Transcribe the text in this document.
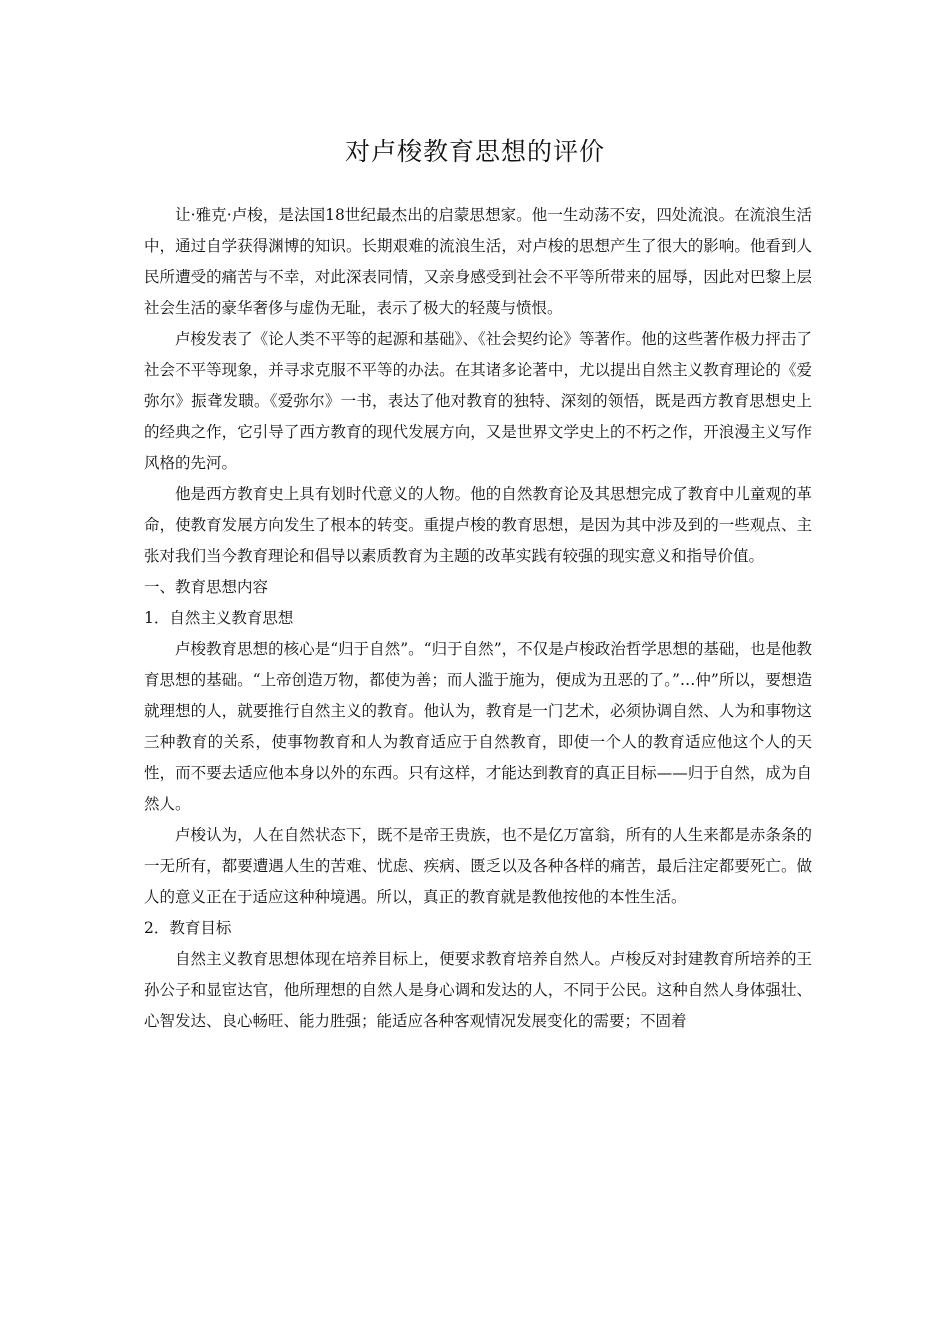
对卢梭教育思想的评价

让·雅克·卢梭，是法国18世纪最杰出的启蒙思想家。他一生动荡不安，四处流浪。在流浪生活中，通过自学获得渊博的知识。长期艰难的流浪生活，对卢梭的思想产生了很大的影响。他看到人民所遭受的痛苦与不幸，对此深表同情，又亲身感受到社会不平等所带来的屈辱，因此对巴黎上层社会生活的豪华奢侈与虚伪无耻，表示了极大的轻蔑与愤恨。

卢梭发表了《论人类不平等的起源和基础》、《社会契约论》等著作。他的这些著作极力抨击了社会不平等现象，并寻求克服不平等的办法。在其诸多论著中，尤以提出自然主义教育理论的《爱弥尔》振聋发聩。《爱弥尔》一书，表达了他对教育的独特、深刻的领悟，既是西方教育思想史上的经典之作，它引导了西方教育的现代发展方向，又是世界文学史上的不朽之作，开浪漫主义写作风格的先河。

他是西方教育史上具有划时代意义的人物。他的自然教育论及其思想完成了教育中儿童观的革命，使教育发展方向发生了根本的转变。重提卢梭的教育思想，是因为其中涉及到的一些观点、主张对我们当今教育理论和倡导以素质教育为主题的改革实践有较强的现实意义和指导价值。

一、教育思想内容

1．自然主义教育思想

卢梭教育思想的核心是“归于自然”。“归于自然”，不仅是卢梭政治哲学思想的基础，也是他教育思想的基础。“上帝创造万物，都使为善；而人滥于施为，便成为丑恶的了。”…仲”所以，要想造就理想的人，就要推行自然主义的教育。他认为，教育是一门艺术，必须协调自然、人为和事物这三种教育的关系，使事物教育和人为教育适应于自然教育，即使一个人的教育适应他这个人的天性，而不要去适应他本身以外的东西。只有这样，才能达到教育的真正目标——归于自然，成为自然人。

卢梭认为，人在自然状态下，既不是帝王贵族，也不是亿万富翁，所有的人生来都是赤条条的一无所有，都要遭遇人生的苦难、忧虑、疾病、匮乏以及各种各样的痛苦，最后注定都要死亡。做人的意义正在于适应这种种境遇。所以，真正的教育就是教他按他的本性生活。

2．教育目标

自然主义教育思想体现在培养目标上，便要求教育培养自然人。卢梭反对封建教育所培养的王孙公子和显宦达官，他所理想的自然人是身心调和发达的人，不同于公民。这种自然人身体强壮、心智发达、良心畅旺、能力胜强；能适应各种客观情况发展变化的需要；不固着
